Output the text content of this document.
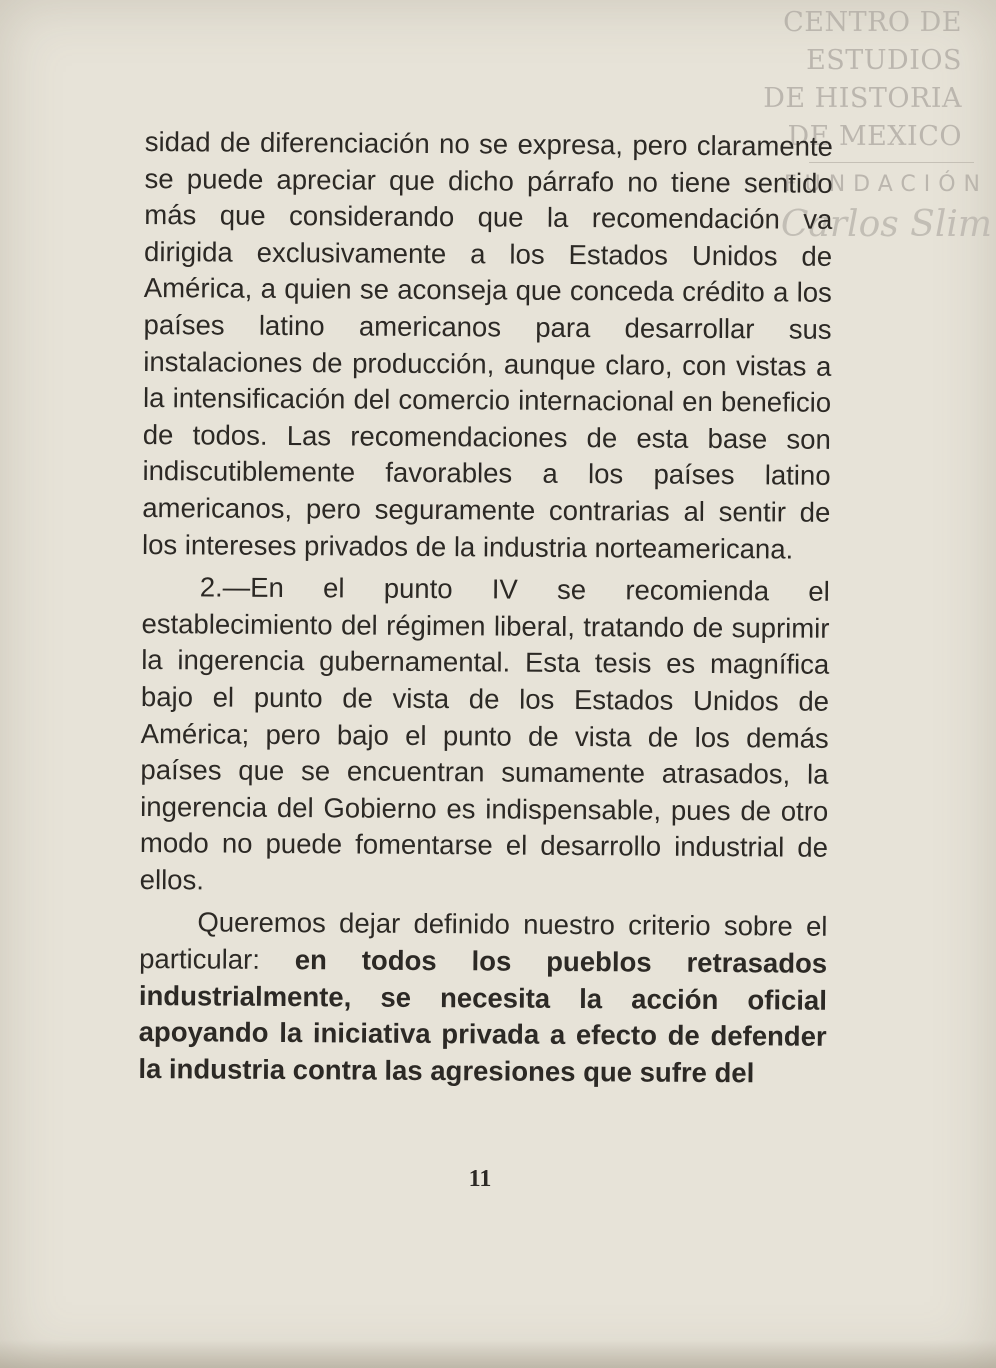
CENTRO DE
ESTUDIOS
DE HISTORIA
DE MEXICO
FUNDACIÓN
Carlos Slim

sidad de diferenciación no se expresa, pero claramente se puede apreciar que dicho párrafo no tiene sentido más que considerando que la recomendación va dirigida exclusivamente a los Estados Unidos de América, a quien se aconseja que conceda crédito a los países latino americanos para desarrollar sus instalaciones de producción, aunque claro, con vistas a la intensificación del comercio internacional en beneficio de todos. Las recomendaciones de esta base son indiscutiblemente favorables a los países latino americanos, pero seguramente contrarias al sentir de los intereses privados de la industria norteamericana.

2.—En el punto IV se recomienda el establecimiento del régimen liberal, tratando de suprimir la ingerencia gubernamental. Esta tesis es magnífica bajo el punto de vista de los Estados Unidos de América; pero bajo el punto de vista de los demás países que se encuentran sumamente atrasados, la ingerencia del Gobierno es indispensable, pues de otro modo no puede fomentarse el desarrollo industrial de ellos.

Queremos dejar definido nuestro criterio sobre el particular: en todos los pueblos retrasados industrialmente, se necesita la acción oficial apoyando la iniciativa privada a efecto de defender la industria contra las agresiones que sufre del

11
